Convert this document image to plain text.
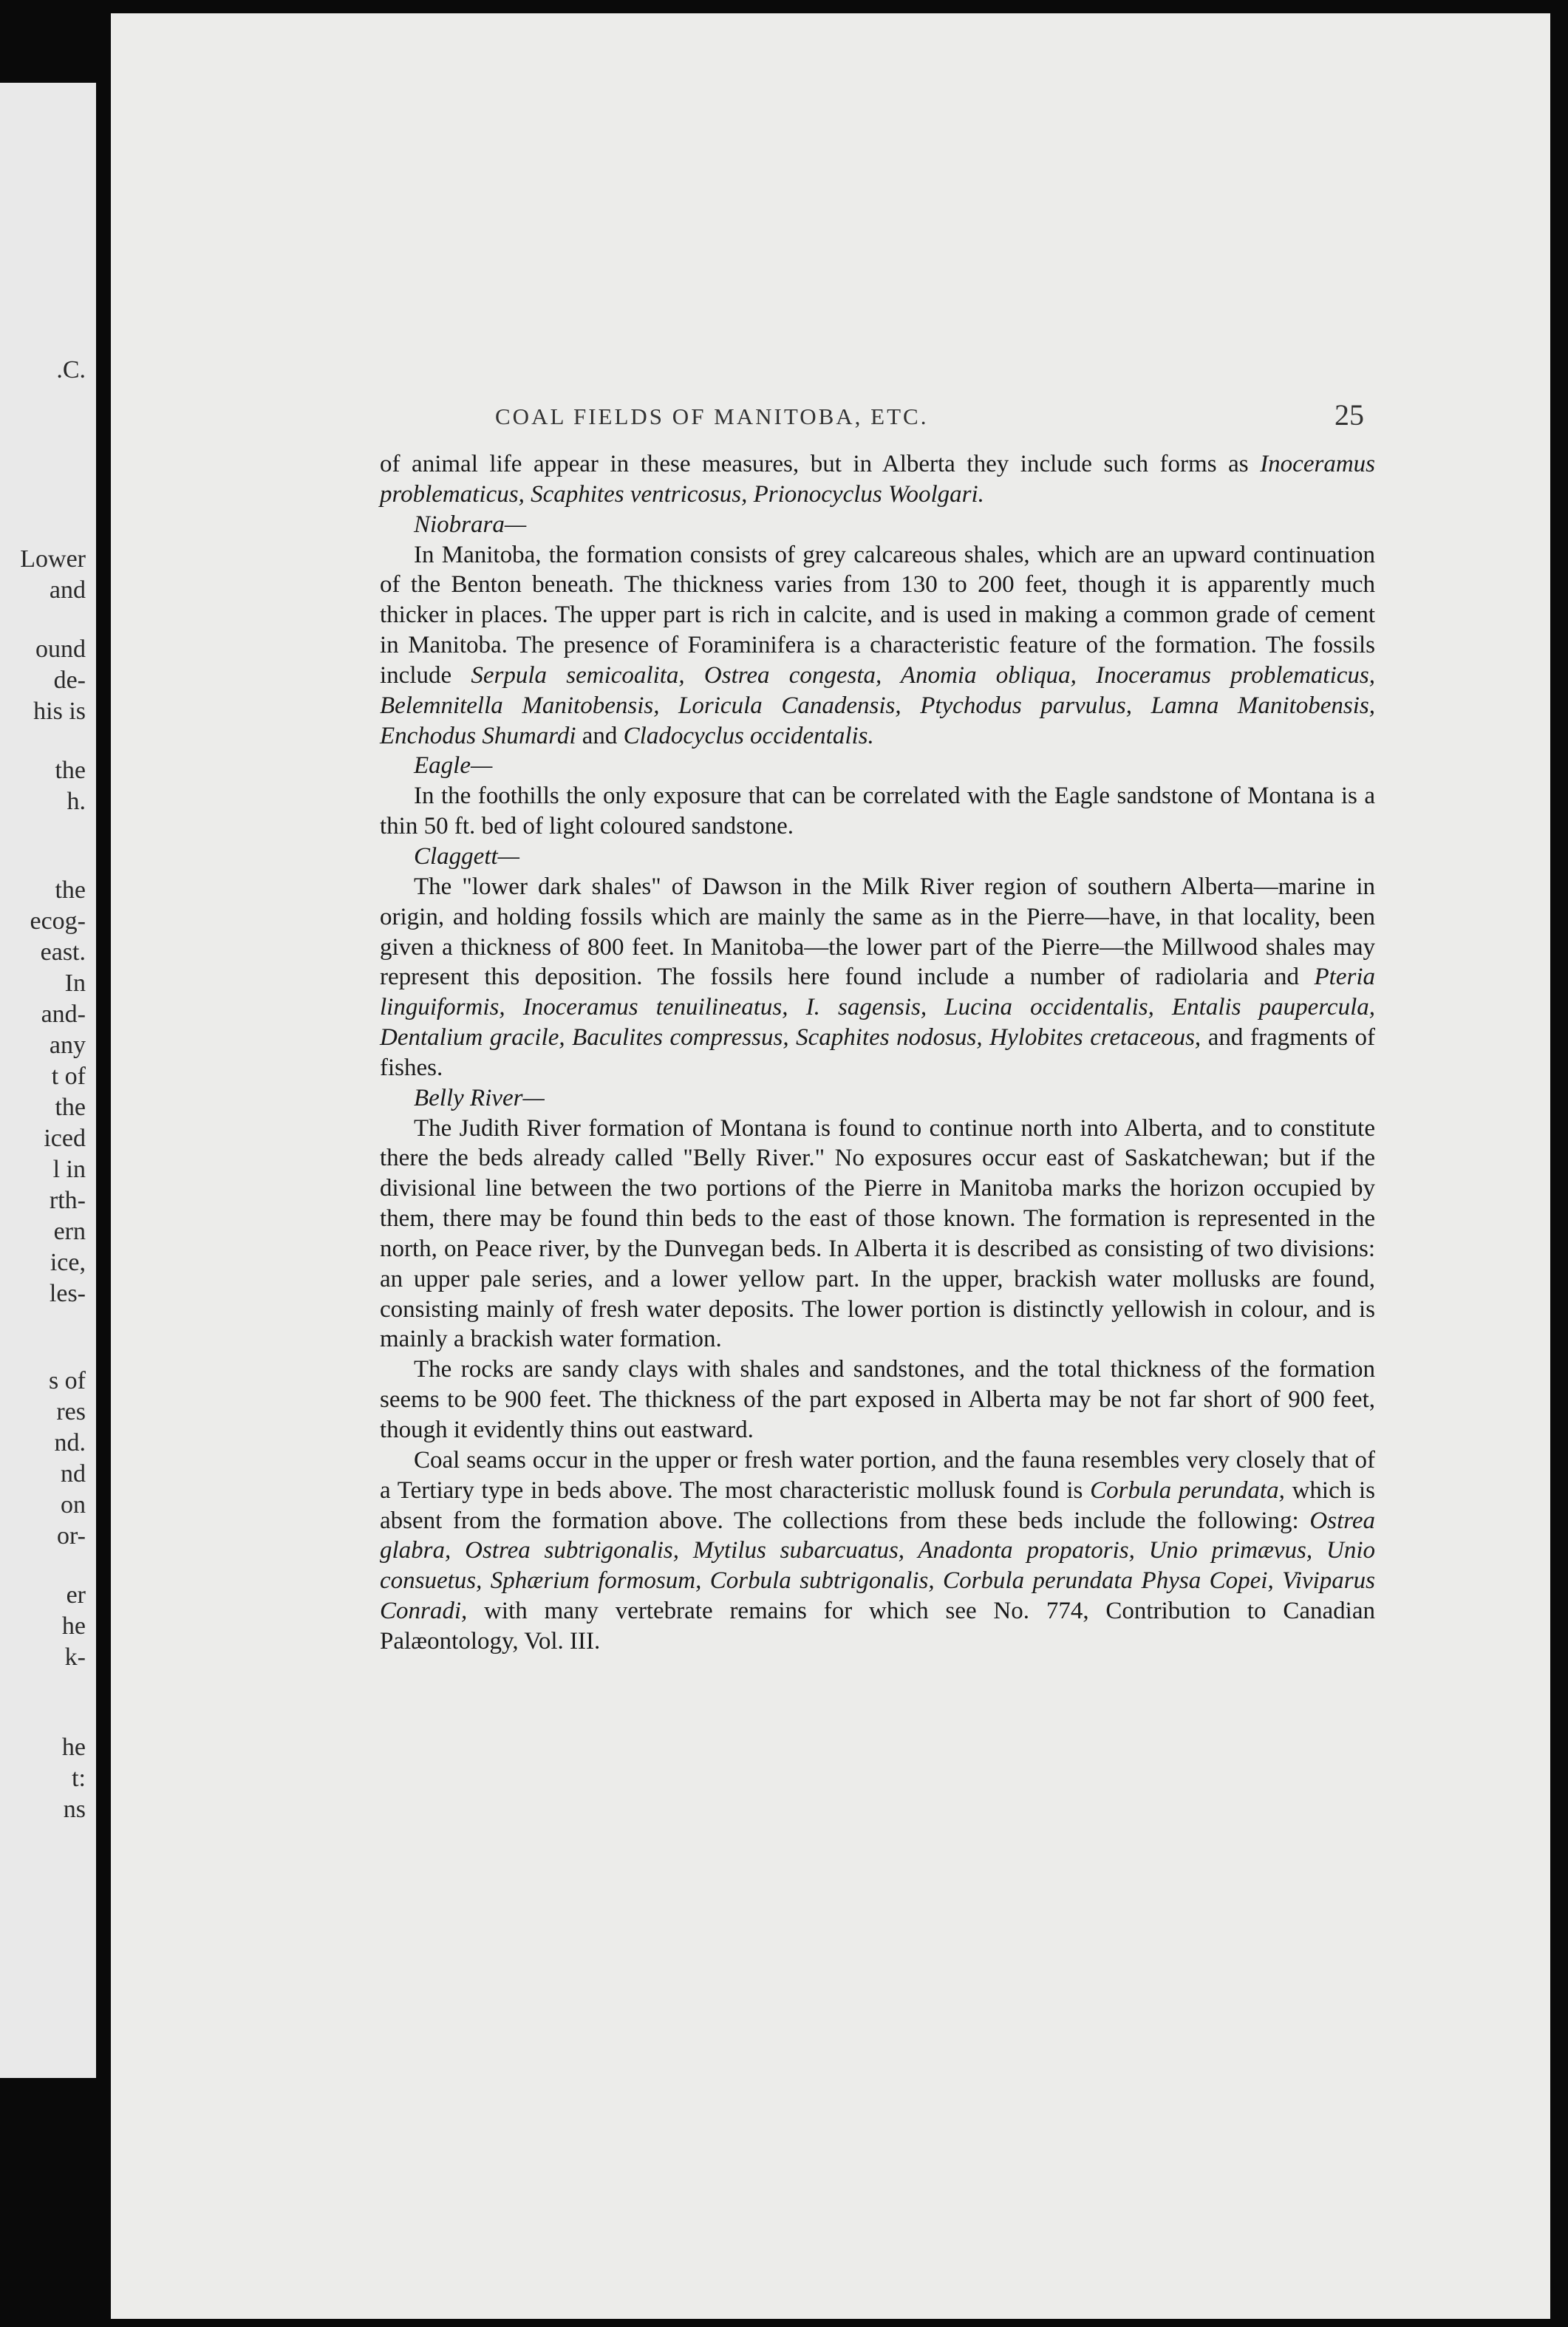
.C.
Lower
and
ound
de-
his is
the
h.
the
ecog-
east.
In
and-
any
t of
the
iced
l in
rth-
ern
ice,
les-
s of
res
nd.
nd
on
or-
er
he
k-
he
t:
ns
COAL FIELDS OF MANITOBA, ETC.	25

of animal life appear in these measures, but in Alberta they include such forms as Inoceramus problematicus, Scaphites ventricosus, Prionocyclus Woolgari.

Niobrara—

In Manitoba, the formation consists of grey calcareous shales, which are an upward continuation of the Benton beneath. The thickness varies from 130 to 200 feet, though it is apparently much thicker in places. The upper part is rich in calcite, and is used in making a common grade of cement in Manitoba. The presence of Foraminifera is a characteristic feature of the formation. The fossils include Serpula semicoalita, Ostrea congesta, Anomia obliqua, Inoceramus problematicus, Belemnitella Manitobensis, Loricula Canadensis, Ptychodus parvulus, Lamna Manitobensis, Enchodus Shumardi and Cladocyclus occidentalis.

Eagle—

In the foothills the only exposure that can be correlated with the Eagle sandstone of Montana is a thin 50 ft. bed of light coloured sandstone.

Claggett—

The "lower dark shales" of Dawson in the Milk River region of southern Alberta—marine in origin, and holding fossils which are mainly the same as in the Pierre—have, in that locality, been given a thickness of 800 feet. In Manitoba—the lower part of the Pierre—the Millwood shales may represent this deposition. The fossils here found include a number of radiolaria and Pteria linguiformis, Inoceramus tenuilineatus, I. sagensis, Lucina occidentalis, Entalis paupercula, Dentalium gracile, Baculites compressus, Scaphites nodosus, Hylobites cretaceous, and fragments of fishes.

Belly River—

The Judith River formation of Montana is found to continue north into Alberta, and to constitute there the beds already called "Belly River." No exposures occur east of Saskatchewan; but if the divisional line between the two portions of the Pierre in Manitoba marks the horizon occupied by them, there may be found thin beds to the east of those known. The formation is represented in the north, on Peace river, by the Dunvegan beds. In Alberta it is described as consisting of two divisions: an upper pale series, and a lower yellow part. In the upper, brackish water mollusks are found, consisting mainly of fresh water deposits. The lower portion is distinctly yellowish in colour, and is mainly a brackish water formation.

The rocks are sandy clays with shales and sandstones, and the total thickness of the formation seems to be 900 feet. The thickness of the part exposed in Alberta may be not far short of 900 feet, though it evidently thins out eastward.

Coal seams occur in the upper or fresh water portion, and the fauna resembles very closely that of a Tertiary type in beds above. The most characteristic mollusk found is Corbula perundata, which is absent from the formation above. The collections from these beds include the following: Ostrea glabra, Ostrea subtrigonalis, Mytilus subarcuatus, Anadonta propatoris, Unio primævus, Unio consuetus, Sphærium formosum, Corbula subtrigonalis, Corbula perundata Physa Copei, Viviparus Conradi, with many vertebrate remains for which see No. 774, Contribution to Canadian Palæontology, Vol. III.
